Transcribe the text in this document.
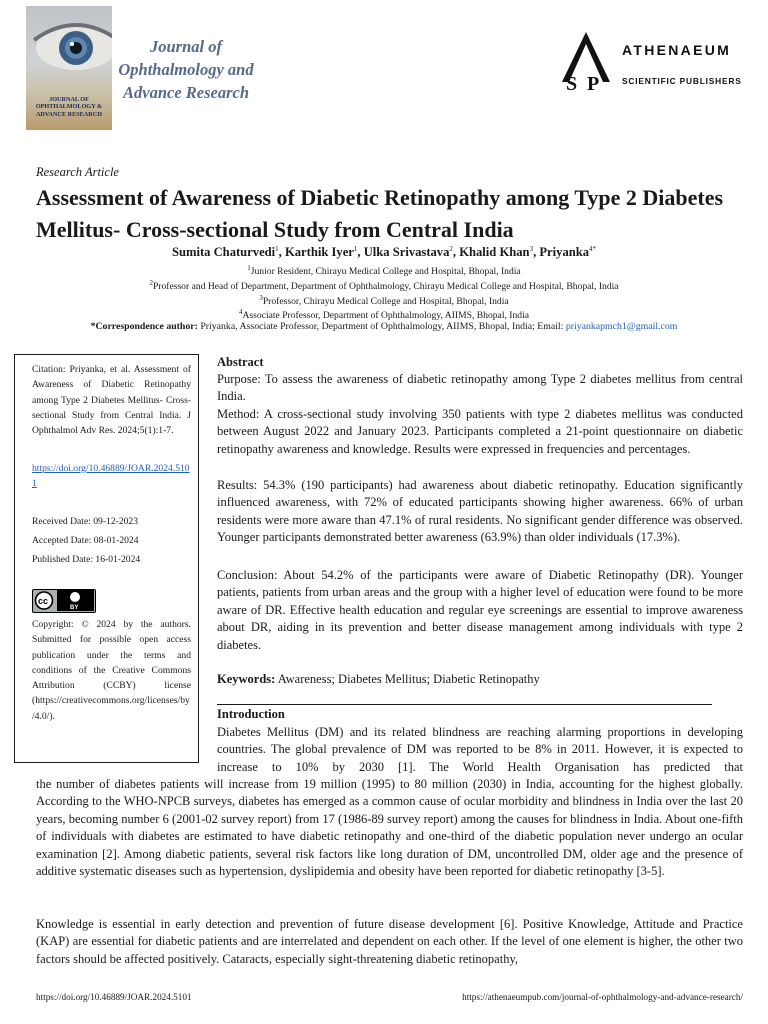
JOURNAL OF OPHTHALMOLOGY & ADVANCE RESEARCH
Journal of Ophthalmology and Advance Research	S P
ATHENAEUM
SCIENTIFIC PUBLISHERS
Research Article
Assessment of Awareness of Diabetic Retinopathy among Type 2 Diabetes Mellitus- Cross-sectional Study from Central India
Sumita Chaturvedi$^1$, Karthik Iyer$^1$, Ulka Srivastava$^2$, Khalid Khan$^3$, Priyanka$^{4*}$
$^1$Junior Resident, Chirayu Medical College and Hospital, Bhopal, India
$^2$Professor and Head of Department, Department of Ophthalmology, Chirayu Medical College and Hospital, Bhopal, India
$^3$Professor, Chirayu Medical College and Hospital, Bhopal, India
$^4$Associate Professor, Department of Ophthalmology, AIIMS, Bhopal, India
*Correspondence author: Priyanka, Associate Professor, Department of Ophthalmology, AIIMS, Bhopal, India; Email: priyankapmch1@gmail.com
Citation: Priyanka, et al. Assessment of Awareness of Diabetic Retinopathy among Type 2 Diabetes Mellitus- Cross-sectional Study from Central India. J Ophthalmol Adv Res. 2024;5(1):1-7.
https://doi.org/10.46889/JOAR.2024.5101
Received Date: 09-12-2023
Accepted Date: 08-01-2024
Published Date: 16-01-2024
cc
BY
Copyright: © 2024 by the authors. Submitted for possible open access publication under the terms and conditions of the Creative Commons Attribution (CCBY) license (https://creativecommons.org/licenses/by/4.0/).
Abstract
Purpose: To assess the awareness of diabetic retinopathy among Type 2 diabetes mellitus from central India.
Method: A cross-sectional study involving 350 patients with type 2 diabetes mellitus was conducted between August 2022 and January 2023. Participants completed a 21-point questionnaire on diabetic retinopathy awareness and knowledge. Results were expressed in frequencies and percentages.
Results: 54.3% (190 participants) had awareness about diabetic retinopathy. Education significantly influenced awareness, with 72% of educated participants showing higher awareness. 66% of urban residents were more aware than 47.1% of rural residents. No significant gender difference was observed. Younger participants demonstrated better awareness (63.9%) than older individuals (17.3%).
Conclusion: About 54.2% of the participants were aware of Diabetic Retinopathy (DR). Younger patients, patients from urban areas and the group with a higher level of education were found to be more aware of DR. Effective health education and regular eye screenings are essential to improve awareness about DR, aiding in its prevention and better disease management among individuals with type 2 diabetes.
Keywords: Awareness; Diabetes Mellitus; Diabetic Retinopathy
Introduction
Diabetes Mellitus (DM) and its related blindness are reaching alarming proportions in developing countries. The global prevalence of DM was reported to be 8% in 2011. However, it is expected to increase to 10% by 2030 [1]. The World Health Organisation has predicted that
the number of diabetes patients will increase from 19 million (1995) to 80 million (2030) in India, accounting for the highest globally. According to the WHO-NPCB surveys, diabetes has emerged as a common cause of ocular morbidity and blindness in India over the last 20 years, becoming number 6 (2001-02 survey report) from 17 (1986-89 survey report) among the causes for blindness in India. About one-fifth of individuals with diabetes are estimated to have diabetic retinopathy and one-third of the diabetic population never undergo an ocular examination [2]. Among diabetic patients, several risk factors like long duration of DM, uncontrolled DM, older age and the presence of additive systematic diseases such as hypertension, dyslipidemia and obesity have been reported for diabetic retinopathy [3-5].
Knowledge is essential in early detection and prevention of future disease development [6]. Positive Knowledge, Attitude and Practice (KAP) are essential for diabetic patients and are interrelated and dependent on each other. If the level of one element is higher, the other two factors should be affected positively. Cataracts, especially sight-threatening diabetic retinopathy,
https://doi.org/10.46889/JOAR.2024.5101	https://athenaeumpub.com/journal-of-ophthalmology-and-advance-research/
